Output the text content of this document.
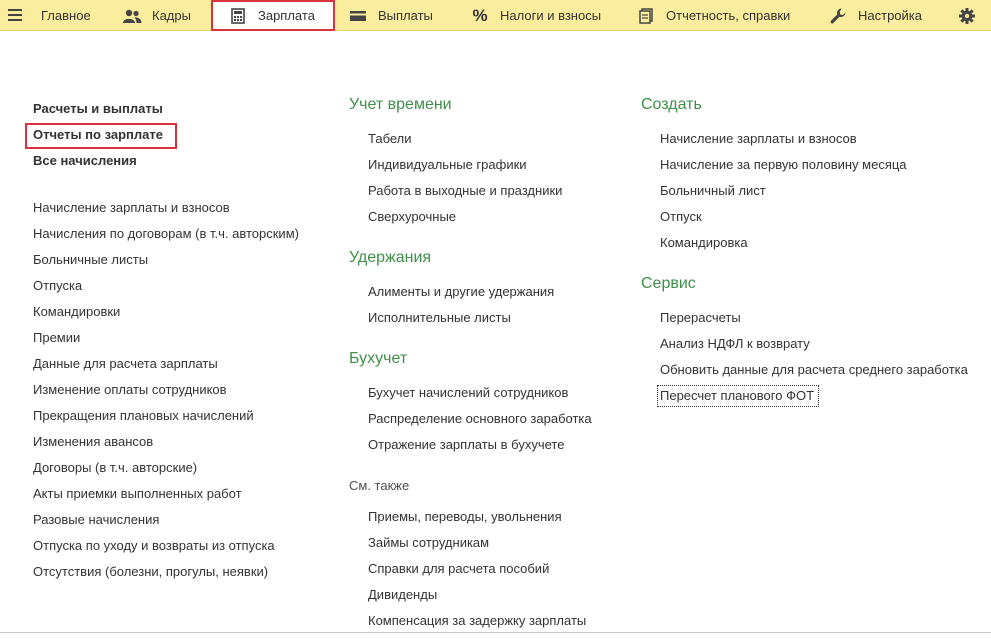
Главное	Кадры	Зарплата	Выплаты % Налоги и взносы	Отчетность, справки	Настройка
Расчеты и выплаты
Отчеты по зарплате
Все начисления
Начисление зарплаты и взносов
Начисления по договорам (в т.ч. авторским)
Больничные листы
Отпуска
Командировки
Премии
Данные для расчета зарплаты
Изменение оплаты сотрудников
Прекращения плановых начислений
Изменения авансов
Договоры (в т.ч. авторские)
Акты приемки выполненных работ
Разовые начисления
Отпуска по уходу и возвраты из отпуска
Отсутствия (болезни, прогулы, неявки)
Учет времени
Табели
Индивидуальные графики
Работа в выходные и праздники
Сверхурочные
Удержания
Алименты и другие удержания
Исполнительные листы
Бухучет
Бухучет начислений сотрудников
Распределение основного заработка
Отражение зарплаты в бухучете
См. также
Приемы, переводы, увольнения
Займы сотрудникам
Справки для расчета пособий
Дивиденды
Компенсация за задержку зарплаты
Создать
Начисление зарплаты и взносов
Начисление за первую половину месяца
Больничный лист
Отпуск
Командировка
Сервис
Перерасчеты
Анализ НДФЛ к возврату
Обновить данные для расчета среднего заработка
Пересчет планового ФОТ
